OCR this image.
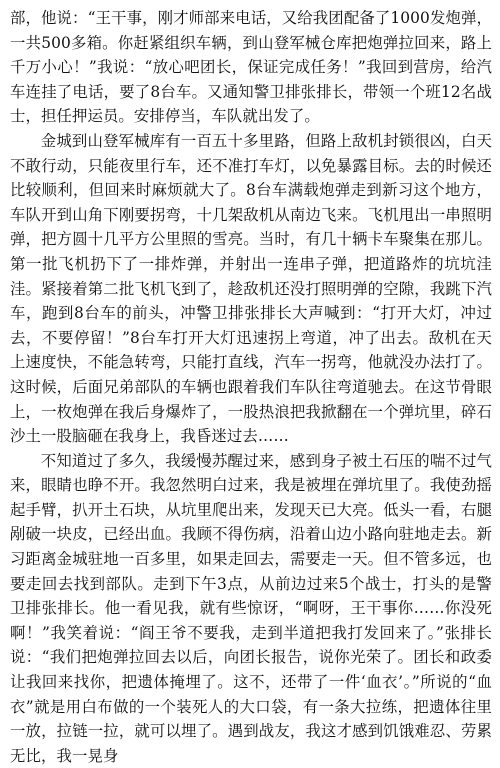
部，他说：“王干事，刚才师部来电话，又给我团配备了1000发炮弹，一共500多箱。你赶紧组织车辆，到山登军械仓库把炮弹拉回来，路上千万小心！”我说：“放心吧团长，保证完成任务！”我回到营房，给汽车连挂了电话，要了8台车。又通知警卫排张排长，带领一个班12名战士，担任押运员。安排停当，车队就出发了。

金城到山登军械库有一百五十多里路，但路上敌机封锁很凶，白天不敢行动，只能夜里行车，还不准打车灯，以免暴露目标。去的时候还比较顺利，但回来时麻烦就大了。8台车满载炮弹走到新习这个地方，车队开到山角下刚要拐弯，十几架敌机从南边飞来。飞机甩出一串照明弹，把方圆十几平方公里照的雪亮。当时，有几十辆卡车聚集在那儿。第一批飞机扔下了一排炸弹，并射出一连串子弹，把道路炸的坑坑洼洼。紧接着第二批飞机飞到了，趁敌机还没打照明弹的空隙，我跳下汽车，跑到8台车的前头，冲警卫排张排长大声喊到：“打开大灯，冲过去，不要停留！”8台车打开大灯迅速拐上弯道，冲了出去。敌机在天上速度快，不能急转弯，只能打直线，汽车一拐弯，他就没办法打了。这时候，后面兄弟部队的车辆也跟着我们车队往弯道驰去。在这节骨眼上，一枚炮弹在我后身爆炸了，一股热浪把我掀翻在一个弹坑里，碎石沙土一股脑砸在我身上，我昏迷过去……

不知道过了多久，我缓慢苏醒过来，感到身子被土石压的喘不过气来，眼睛也睁不开。我忽然明白过来，我是被埋在弹坑里了。我使劲摇起手臂，扒开土石块，从坑里爬出来，发现天已大亮。低头一看，右腿剐破一块皮，已经出血。我顾不得伤病，沿着山边小路向驻地走去。新习距离金城驻地一百多里，如果走回去，需要走一天。但不管多远，也要走回去找到部队。走到下午3点，从前边过来5个战士，打头的是警卫排张排长。他一看见我，就有些惊讶，“啊呀，王干事你……你没死啊！”我笑着说：“阎王爷不要我，走到半道把我打发回来了。”张排长说：“我们把炮弹拉回去以后，向团长报告，说你光荣了。团长和政委让我回来找你，把遗体掩埋了。这不，还带了一件‘血衣’。”所说的“血衣”就是用白布做的一个装死人的大口袋，有一条大拉练，把遗体往里一放，拉链一拉，就可以埋了。遇到战友，我这才感到饥饿难忍、劳累无比，我一晃身
